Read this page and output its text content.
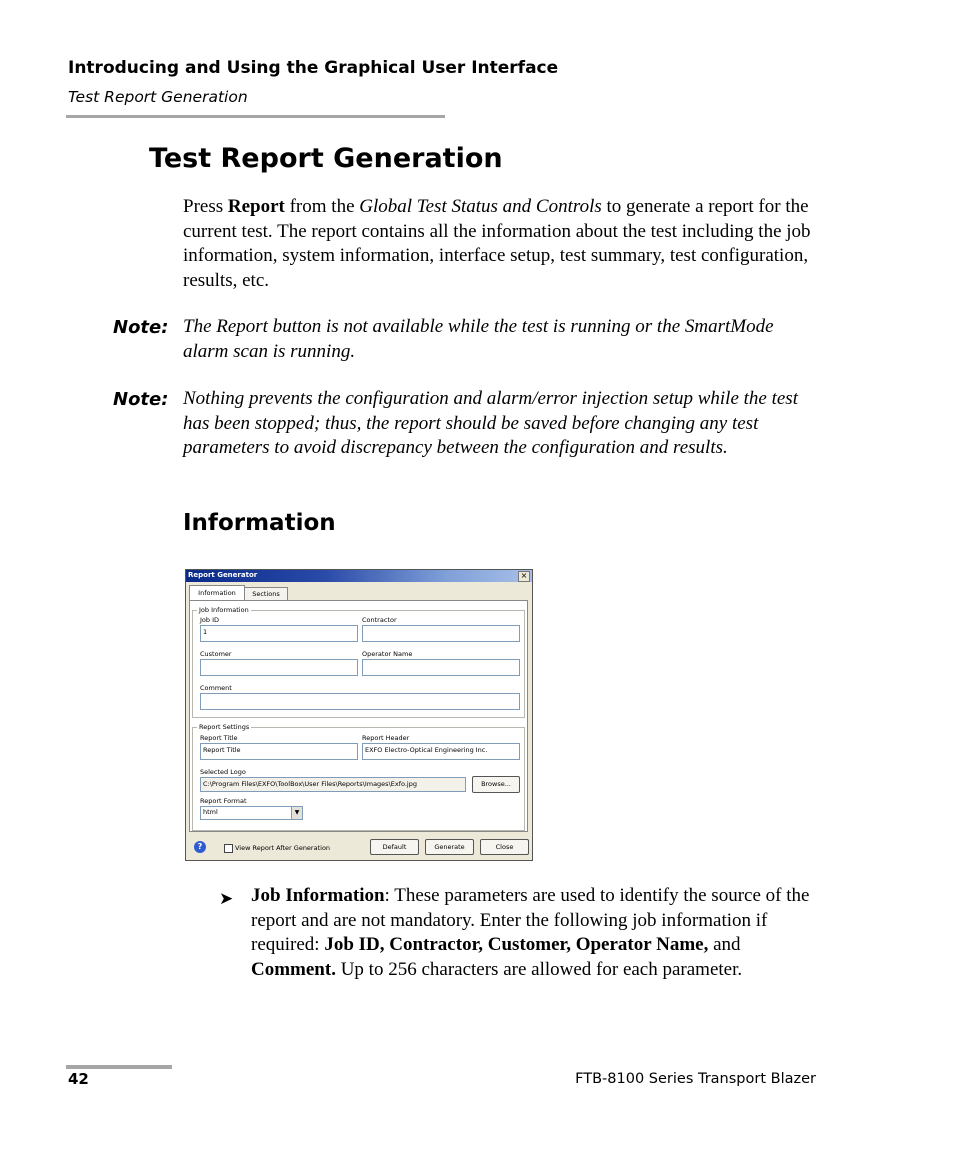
Introducing and Using the Graphical User Interface
Test Report Generation
Test Report Generation

Press Report from the Global Test Status and Controls to generate a report for the current test. The report contains all the information about the test including the job information, system information, interface setup, test summary, test configuration, results, etc.

Note: The Report button is not available while the test is running or the SmartMode alarm scan is running.

Note: Nothing prevents the configuration and alarm/error injection setup while the test has been stopped; thus, the report should be saved before changing any test parameters to avoid discrepancy between the configuration and results.

Information
Report Generator	×
Information	Sections
Job Information
Job ID
1
Contractor
Customer	Operator Name
Comment
Report Settings
Report Title
Report Title
Report Header
EXFO Electro-Optical Engineering Inc.
Selected Logo
C:\Program Files\EXFO\ToolBox\User Files\Reports\Images\Exfo.jpg	Browse...
Report Format
html	▼
?	View Report After Generation	Default	Generate	Close
➤ Job Information: These parameters are used to identify the source of the report and are not mandatory. Enter the following job information if required: Job ID, Contractor, Customer, Operator Name, and Comment. Up to 256 characters are allowed for each parameter.

42	FTB-8100 Series Transport Blazer
